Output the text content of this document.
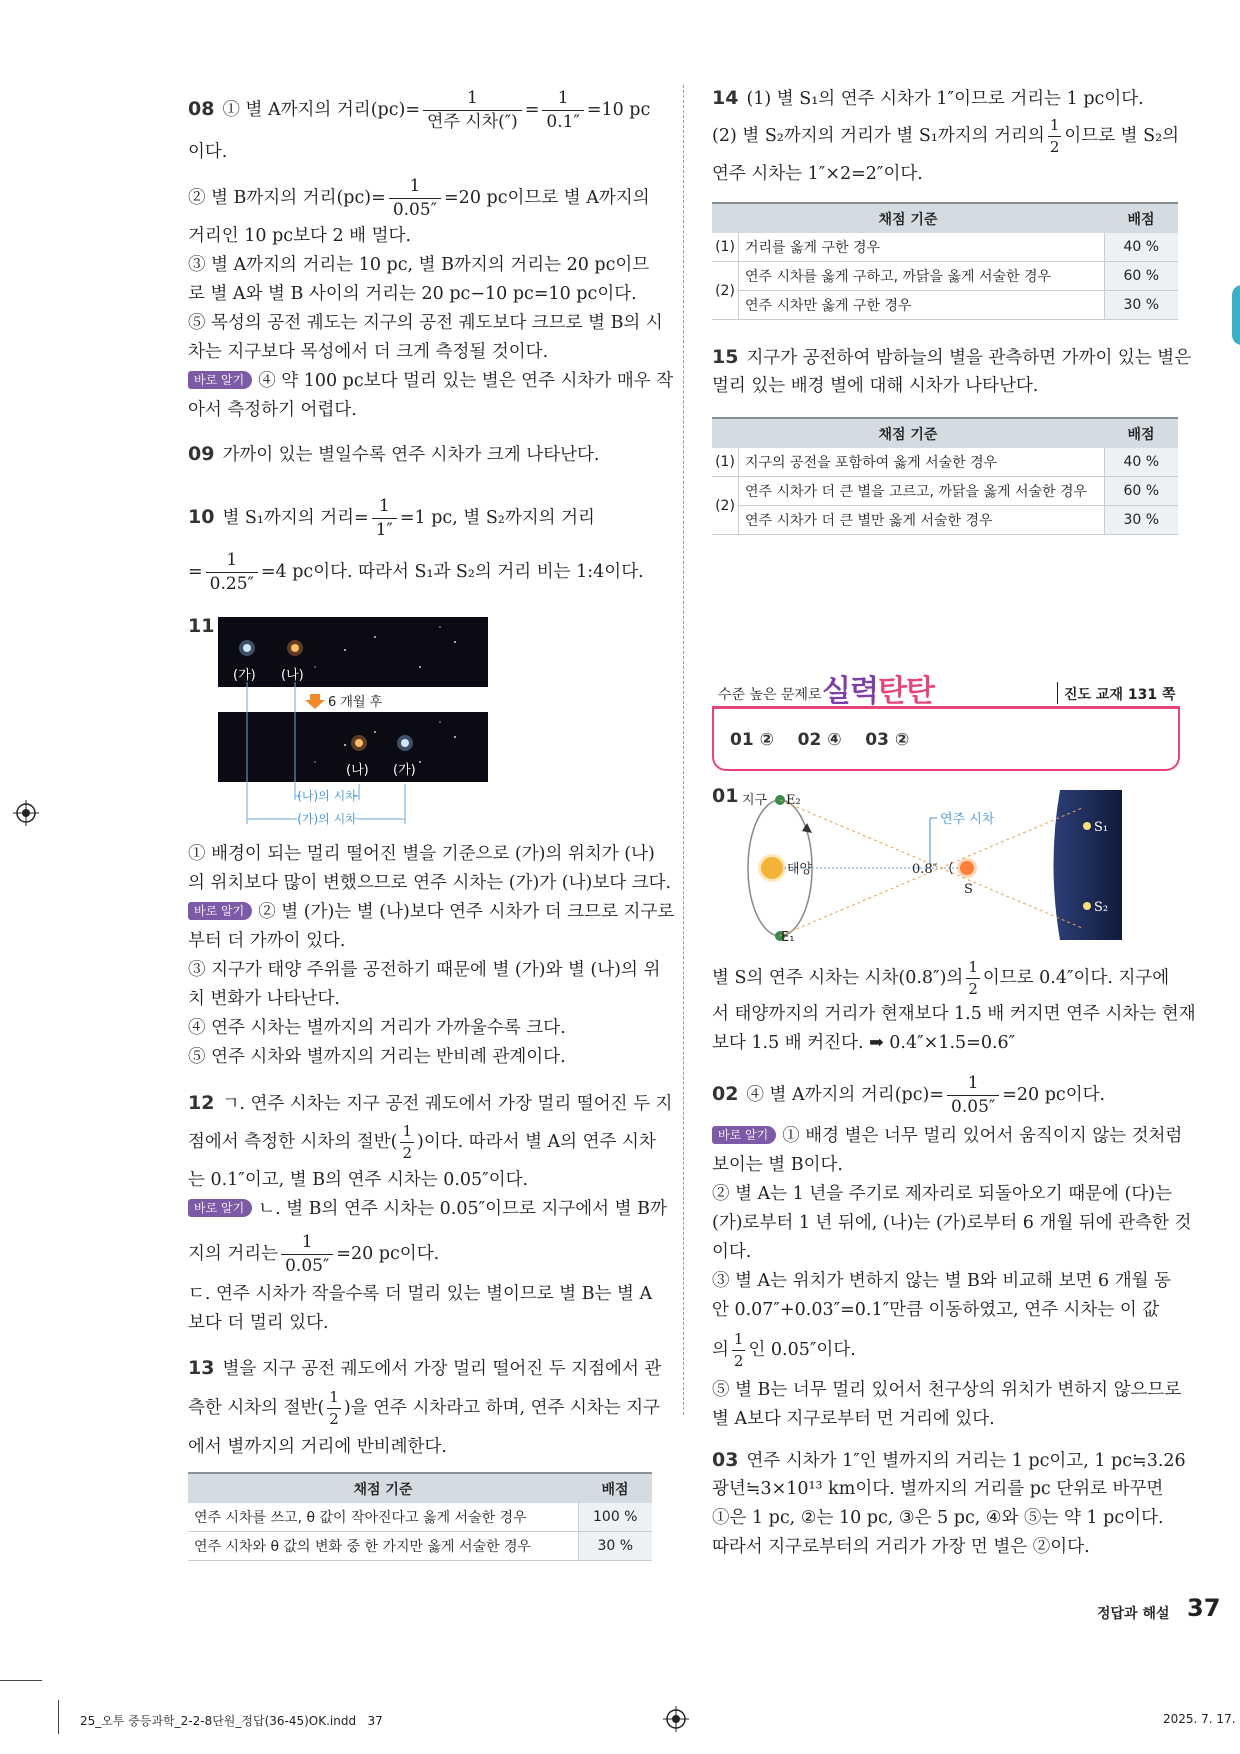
08 ① 별 A까지의 거리$(pc)= \frac{1}{\text{연주 시차(″)}} = \frac{1}{0.1''} =10$ pc
이다.
② 별 B까지의 거리$(pc)= \frac{1}{0.05''} =20$ pc이므로 별 A까지의
거리인 10 pc보다 2 배 멀다.
③ 별 A까지의 거리는 10 pc, 별 B까지의 거리는 20 pc이므
로 별 A와 별 B 사이의 거리는 20 pc−10 pc=10 pc이다.
⑤ 목성의 공전 궤도는 지구의 공전 궤도보다 크므로 별 B의 시
차는 지구보다 목성에서 더 크게 측정될 것이다.
바로 알기 ④ 약 100 pc보다 멀리 있는 별은 연주 시차가 매우 작
아서 측정하기 어렵다.
09 가까이 있는 별일수록 연주 시차가 크게 나타난다.
10 별 S₁까지의 거리= $\frac{1}{1''} =1$ pc, 별 S₂까지의 거리
= $\frac{1}{0.25''} =4$ pc이다. 따라서 S₁과 S₂의 거리 비는 1:4이다.
11
(가) (나)
6 개월 후
(나) (가)
(나)의 시차
(가)의 시차
① 배경이 되는 멀리 떨어진 별을 기준으로 (가)의 위치가 (나)
의 위치보다 많이 변했으므로 연주 시차는 (가)가 (나)보다 크다.
바로 알기 ② 별 (가)는 별 (나)보다 연주 시차가 더 크므로 지구로
부터 더 가까이 있다.
③ 지구가 태양 주위를 공전하기 때문에 별 (가)와 별 (나)의 위
치 변화가 나타난다.
④ 연주 시차는 별까지의 거리가 가까울수록 크다.
⑤ 연주 시차와 별까지의 거리는 반비례 관계이다.
12 ㄱ. 연주 시차는 지구 공전 궤도에서 가장 멀리 떨어진 두 지
점에서 측정한 시차의 절반( $\frac{1}{2}$ )이다. 따라서 별 A의 연주 시차
는 0.1″이고, 별 B의 연주 시차는 0.05″이다.
바로 알기 ㄴ. 별 B의 연주 시차는 0.05″이므로 지구에서 별 B까
지의 거리는 $\frac{1}{0.05''} =20$ pc이다.
ㄷ. 연주 시차가 작을수록 더 멀리 있는 별이므로 별 B는 별 A
보다 더 멀리 있다.
13 별을 지구 공전 궤도에서 가장 멀리 떨어진 두 지점에서 관
측한 시차의 절반( $\frac{1}{2}$ )을 연주 시차라고 하며, 연주 시차는 지구
에서 별까지의 거리에 반비례한다.
채점 기준	배점
연주 시차를 쓰고, θ 값이 작아진다고 옳게 서술한 경우	100 %
연주 시차와 θ 값의 변화 중 한 가지만 옳게 서술한 경우	30 %
14 (1) 별 S₁의 연주 시차가 1″이므로 거리는 1 pc이다.
(2) 별 S₂까지의 거리가 별 S₁까지의 거리의 $\frac{1}{2}$ 이므로 별 S₂의
연주 시차는 1″×2=2″이다.
채점 기준		배점
(1)	거리를 옳게 구한 경우	40 %
(2)	연주 시차를 옳게 구하고, 까닭을 옳게 서술한 경우	60 %
	연주 시차만 옳게 구한 경우	30 %
15 지구가 공전하여 밤하늘의 별을 관측하면 가까이 있는 별은
멀리 있는 배경 별에 대해 시차가 나타난다.
채점 기준		배점
(1)	지구의 공전을 포함하여 옳게 서술한 경우	40 %
(2)	연주 시차가 더 큰 별을 고르고, 까닭을 옳게 서술한 경우	60 %
	연주 시차가 더 큰 별만 옳게 서술한 경우	30 %
수준 높은 문제로 실력탄탄	진도 교재 131 쪽
01 ②    02 ④    03 ②
01 지구 E₂
태양
연주 시차
0.8″
S
S₁
S₂
E₁
별 S의 연주 시차는 시차(0.8″)의 $\frac{1}{2}$ 이므로 0.4″이다. 지구에
서 태양까지의 거리가 현재보다 1.5 배 커지면 연주 시차는 현재
보다 1.5 배 커진다. ➡ 0.4″×1.5=0.6″
02 ④ 별 A까지의 거리$(pc)= \frac{1}{0.05''} =20$ pc이다.
바로 알기 ① 배경 별은 너무 멀리 있어서 움직이지 않는 것처럼
보이는 별 B이다.
② 별 A는 1 년을 주기로 제자리로 되돌아오기 때문에 (다)는
(가)로부터 1 년 뒤에, (나)는 (가)로부터 6 개월 뒤에 관측한 것
이다.
③ 별 A는 위치가 변하지 않는 별 B와 비교해 보면 6 개월 동
안 0.07″+0.03″=0.1″만큼 이동하였고, 연주 시차는 이 값
의 $\frac{1}{2}$ 인 0.05″이다.
⑤ 별 B는 너무 멀리 있어서 천구상의 위치가 변하지 않으므로
별 A보다 지구로부터 먼 거리에 있다.
03 연주 시차가 1″인 별까지의 거리는 1 pc이고, 1 pc≒3.26
광년≒3×10¹³ km이다. 별까지의 거리를 pc 단위로 바꾸면
①은 1 pc, ②는 10 pc, ③은 5 pc, ④와 ⑤는 약 1 pc이다.
따라서 지구로부터의 거리가 가장 먼 별은 ②이다.
정답과 해설 37
25_오투 중등과학_2-2-8단원_정답(36-45)OK.indd   37	2025. 7. 17.
